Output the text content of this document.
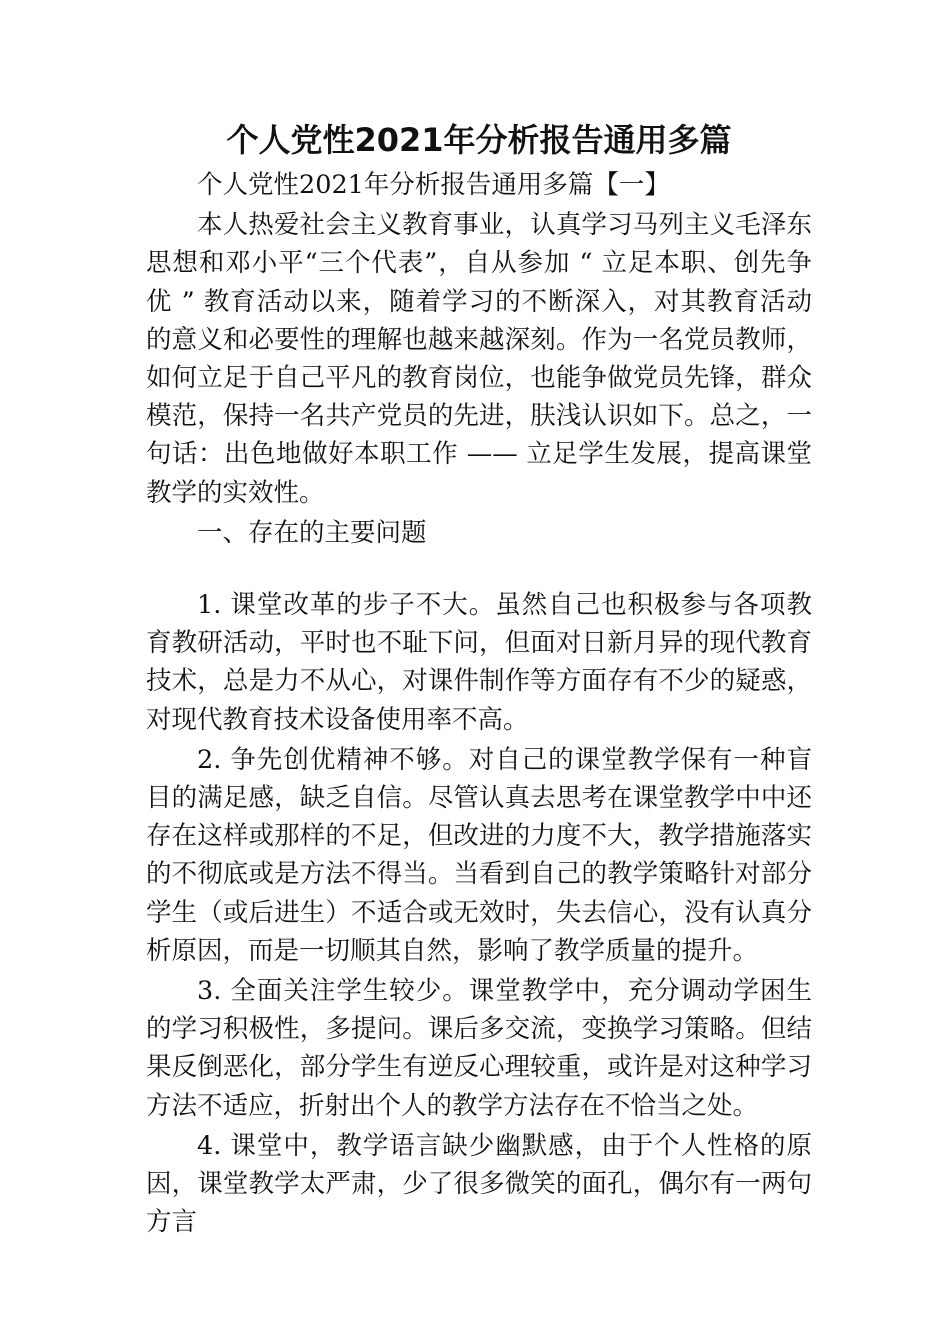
个人党性2021年分析报告通用多篇

个人党性2021年分析报告通用多篇【一】

本人热爱社会主义教育事业，认真学习马列主义毛泽东思想和邓小平“三个代表”，自从参加 “ 立足本职、创先争优 ” 教育活动以来，随着学习的不断深入，对其教育活动的意义和必要性的理解也越来越深刻。作为一名党员教师，如何立足于自己平凡的教育岗位，也能争做党员先锋，群众模范，保持一名共产党员的先进，肤浅认识如下。总之，一句话：出色地做好本职工作 —— 立足学生发展，提高课堂教学的实效性。

一、存在的主要问题

1. 课堂改革的步子不大。虽然自己也积极参与各项教育教研活动，平时也不耻下问，但面对日新月异的现代教育技术，总是力不从心，对课件制作等方面存有不少的疑惑，对现代教育技术设备使用率不高。

2. 争先创优精神不够。对自己的课堂教学保有一种盲目的满足感，缺乏自信。尽管认真去思考在课堂教学中中还存在这样或那样的不足，但改进的力度不大，教学措施落实的不彻底或是方法不得当。当看到自己的教学策略针对部分学生（或后进生）不适合或无效时，失去信心，没有认真分析原因，而是一切顺其自然，影响了教学质量的提升。

3. 全面关注学生较少。课堂教学中，充分调动学困生的学习积极性，多提问。课后多交流，变换学习策略。但结果反倒恶化，部分学生有逆反心理较重，或许是对这种学习方法不适应，折射出个人的教学方法存在不恰当之处。

4. 课堂中，教学语言缺少幽默感，由于个人性格的原因，课堂教学太严肃，少了很多微笑的面孔，偶尔有一两句方言
